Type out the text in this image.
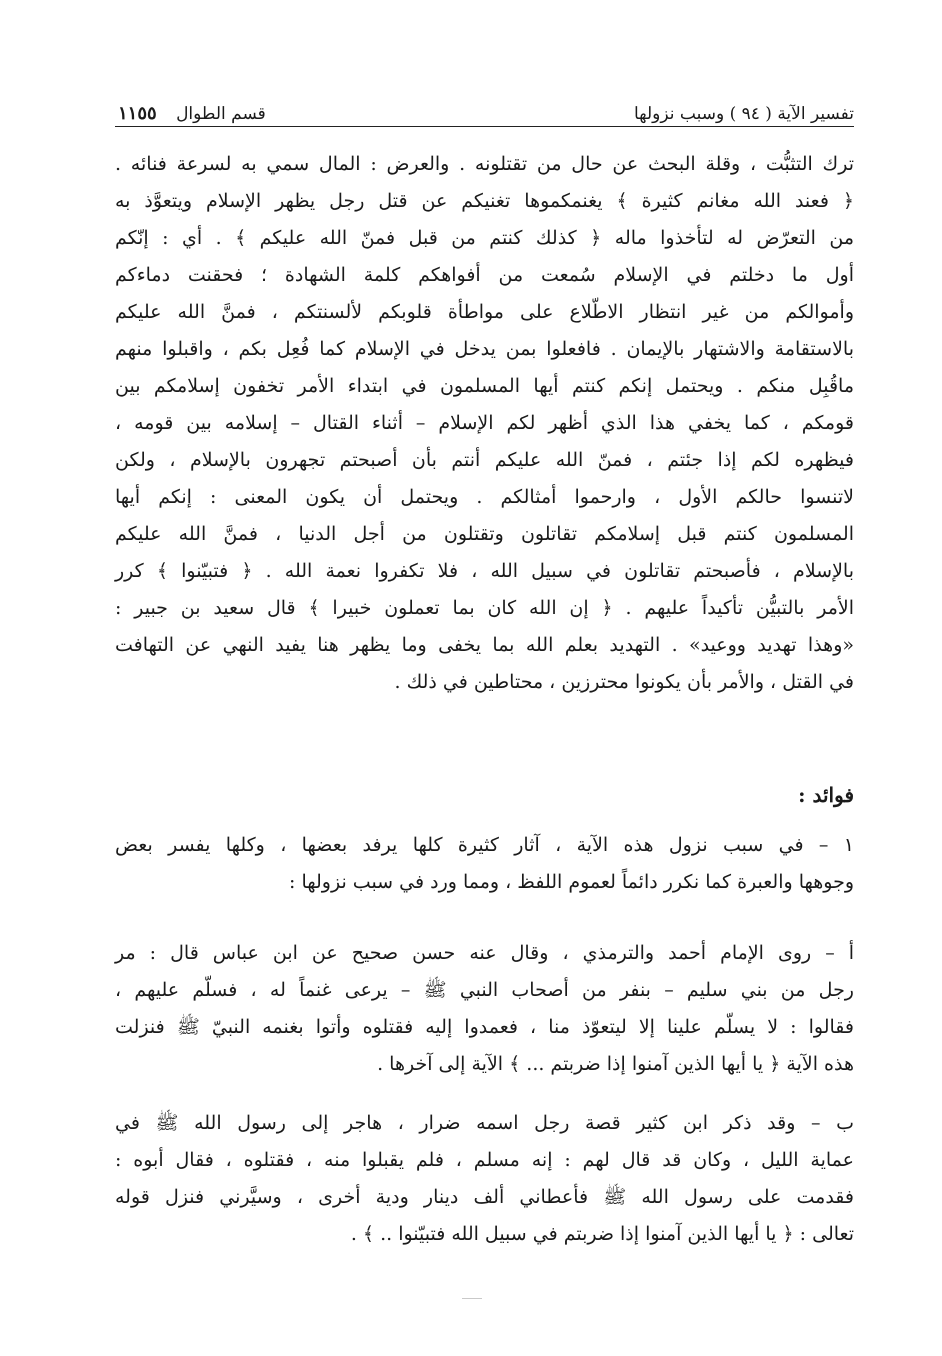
تفسير الآية ( ٩٤ ) وسبب نزولها
قسم الطوال ١١٥٥
ترك التثبُّت ، وقلة البحث عن حال من تقتلونه . والعرض : المال سمي به لسرعة فنائه .
﴿ فعند الله مغانم كثيرة ﴾ يغنمكموها تغنيكم عن قتل رجل يظهر الإسلام ويتعوَّذ به
من التعرّض له لتأخذوا ماله ﴿ كذلك كنتم من قبل فمنّ الله عليكم ﴾ . أي : إنّكم
أول ما دخلتم في الإسلام سُمعت من أفواهكم كلمة الشهادة ؛ فحقنت دماءكم
وأموالكم من غير انتظار الاطّلاع على مواطأة قلوبكم لألسنتكم ، فمنَّ الله عليكم
بالاستقامة والاشتهار بالإيمان . فافعلوا بمن يدخل في الإسلام كما فُعِل بكم ، واقبلوا منهم
ماقُبِل منكم . ويحتمل إنكم كنتم أيها المسلمون في ابتداء الأمر تخفون إسلامكم بين
قومكم ، كما يخفي هذا الذي أظهر لكم الإسلام – أثناء القتال – إسلامه بين قومه ،
فيظهره لكم إذا جئتم ، فمنّ الله عليكم أنتم بأن أصبحتم تجهرون بالإسلام ، ولكن
لاتنسوا حالكم الأول ، وارحموا أمثالكم . ويحتمل أن يكون المعنى : إنكم أيها
المسلمون كنتم قبل إسلامكم تقاتلون وتقتلون من أجل الدنيا ، فمنَّ الله عليكم
بالإسلام ، فأصبحتم تقاتلون في سبيل الله ، فلا تكفروا نعمة الله . ﴿ فتبيّنوا ﴾ كرر
الأمر بالتبيُّن تأكيداً عليهم . ﴿ إن الله كان بما تعملون خبيرا ﴾ قال سعيد بن جبير :
«وهذا تهديد ووعيد» . التهديد بعلم الله بما يخفى وما يظهر هنا يفيد النهي عن التهافت
في القتل ، والأمر بأن يكونوا محترزين ، محتاطين في ذلك .
فوائد :
١ – في سبب نزول هذه الآية ، آثار كثيرة كلها يرفد بعضها ، وكلها يفسر بعض
وجوهها والعبرة كما نكرر دائماً لعموم اللفظ ، ومما ورد في سبب نزولها :
أ – روى الإمام أحمد والترمذي ، وقال عنه حسن صحيح عن ابن عباس قال : مر
رجل من بني سليم – بنفر من أصحاب النبي ﷺ – يرعى غنماً له ، فسلّم عليهم ،
فقالوا : لا يسلّم علينا إلا ليتعوّذ منا ، فعمدوا إليه فقتلوه وأتوا بغنمه النبيّ ﷺ فنزلت
هذه الآية ﴿ يا أيها الذين آمنوا إذا ضربتم ... ﴾ الآية إلى آخرها .
ب – وقد ذكر ابن كثير قصة رجل اسمه ضرار ، هاجر إلى رسول الله ﷺ في
عماية الليل ، وكان قد قال لهم : إنه مسلم ، فلم يقبلوا منه ، فقتلوه ، فقال أبوه :
فقدمت على رسول الله ﷺ فأعطاني ألف دينار ودية أخرى ، وسيَّرني فنزل قوله
تعالى : ﴿ يا أيها الذين آمنوا إذا ضربتم في سبيل الله فتبيّنوا .. ﴾ .
